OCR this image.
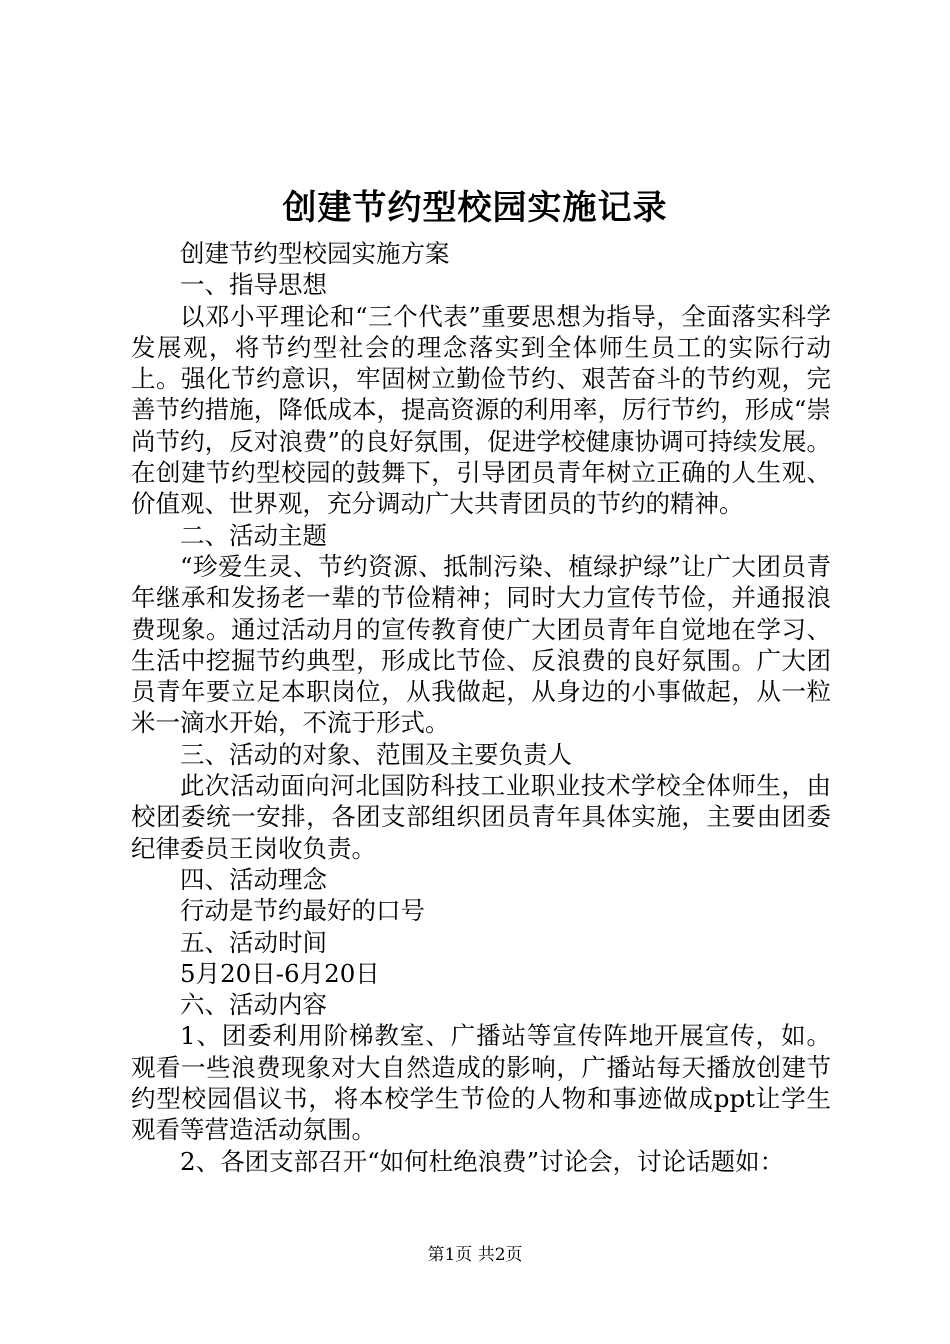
创建节约型校园实施记录

创建节约型校园实施方案

一、指导思想

以邓小平理论和“三个代表”重要思想为指导，全面落实科学发展观，将节约型社会的理念落实到全体师生员工的实际行动上。强化节约意识，牢固树立勤俭节约、艰苦奋斗的节约观，完善节约措施，降低成本，提高资源的利用率，厉行节约，形成“崇尚节约，反对浪费”的良好氛围，促进学校健康协调可持续发展。在创建节约型校园的鼓舞下，引导团员青年树立正确的人生观、价值观、世界观，充分调动广大共青团员的节约的精神。

二、活动主题

“珍爱生灵、节约资源、抵制污染、植绿护绿”让广大团员青年继承和发扬老一辈的节俭精神；同时大力宣传节俭，并通报浪费现象。通过活动月的宣传教育使广大团员青年自觉地在学习、生活中挖掘节约典型，形成比节俭、反浪费的良好氛围。广大团员青年要立足本职岗位，从我做起，从身边的小事做起，从一粒米一滴水开始，不流于形式。

三、活动的对象、范围及主要负责人

此次活动面向河北国防科技工业职业技术学校全体师生，由校团委统一安排，各团支部组织团员青年具体实施，主要由团委纪律委员王岗收负责。

四、活动理念

行动是节约最好的口号

五、活动时间

5月20日-6月20日

六、活动内容

1、团委利用阶梯教室、广播站等宣传阵地开展宣传，如。观看一些浪费现象对大自然造成的影响，广播站每天播放创建节约型校园倡议书，将本校学生节俭的人物和事迹做成ppt让学生观看等营造活动氛围。

2、各团支部召开“如何杜绝浪费”讨论会，讨论话题如：

第1页 共2页
